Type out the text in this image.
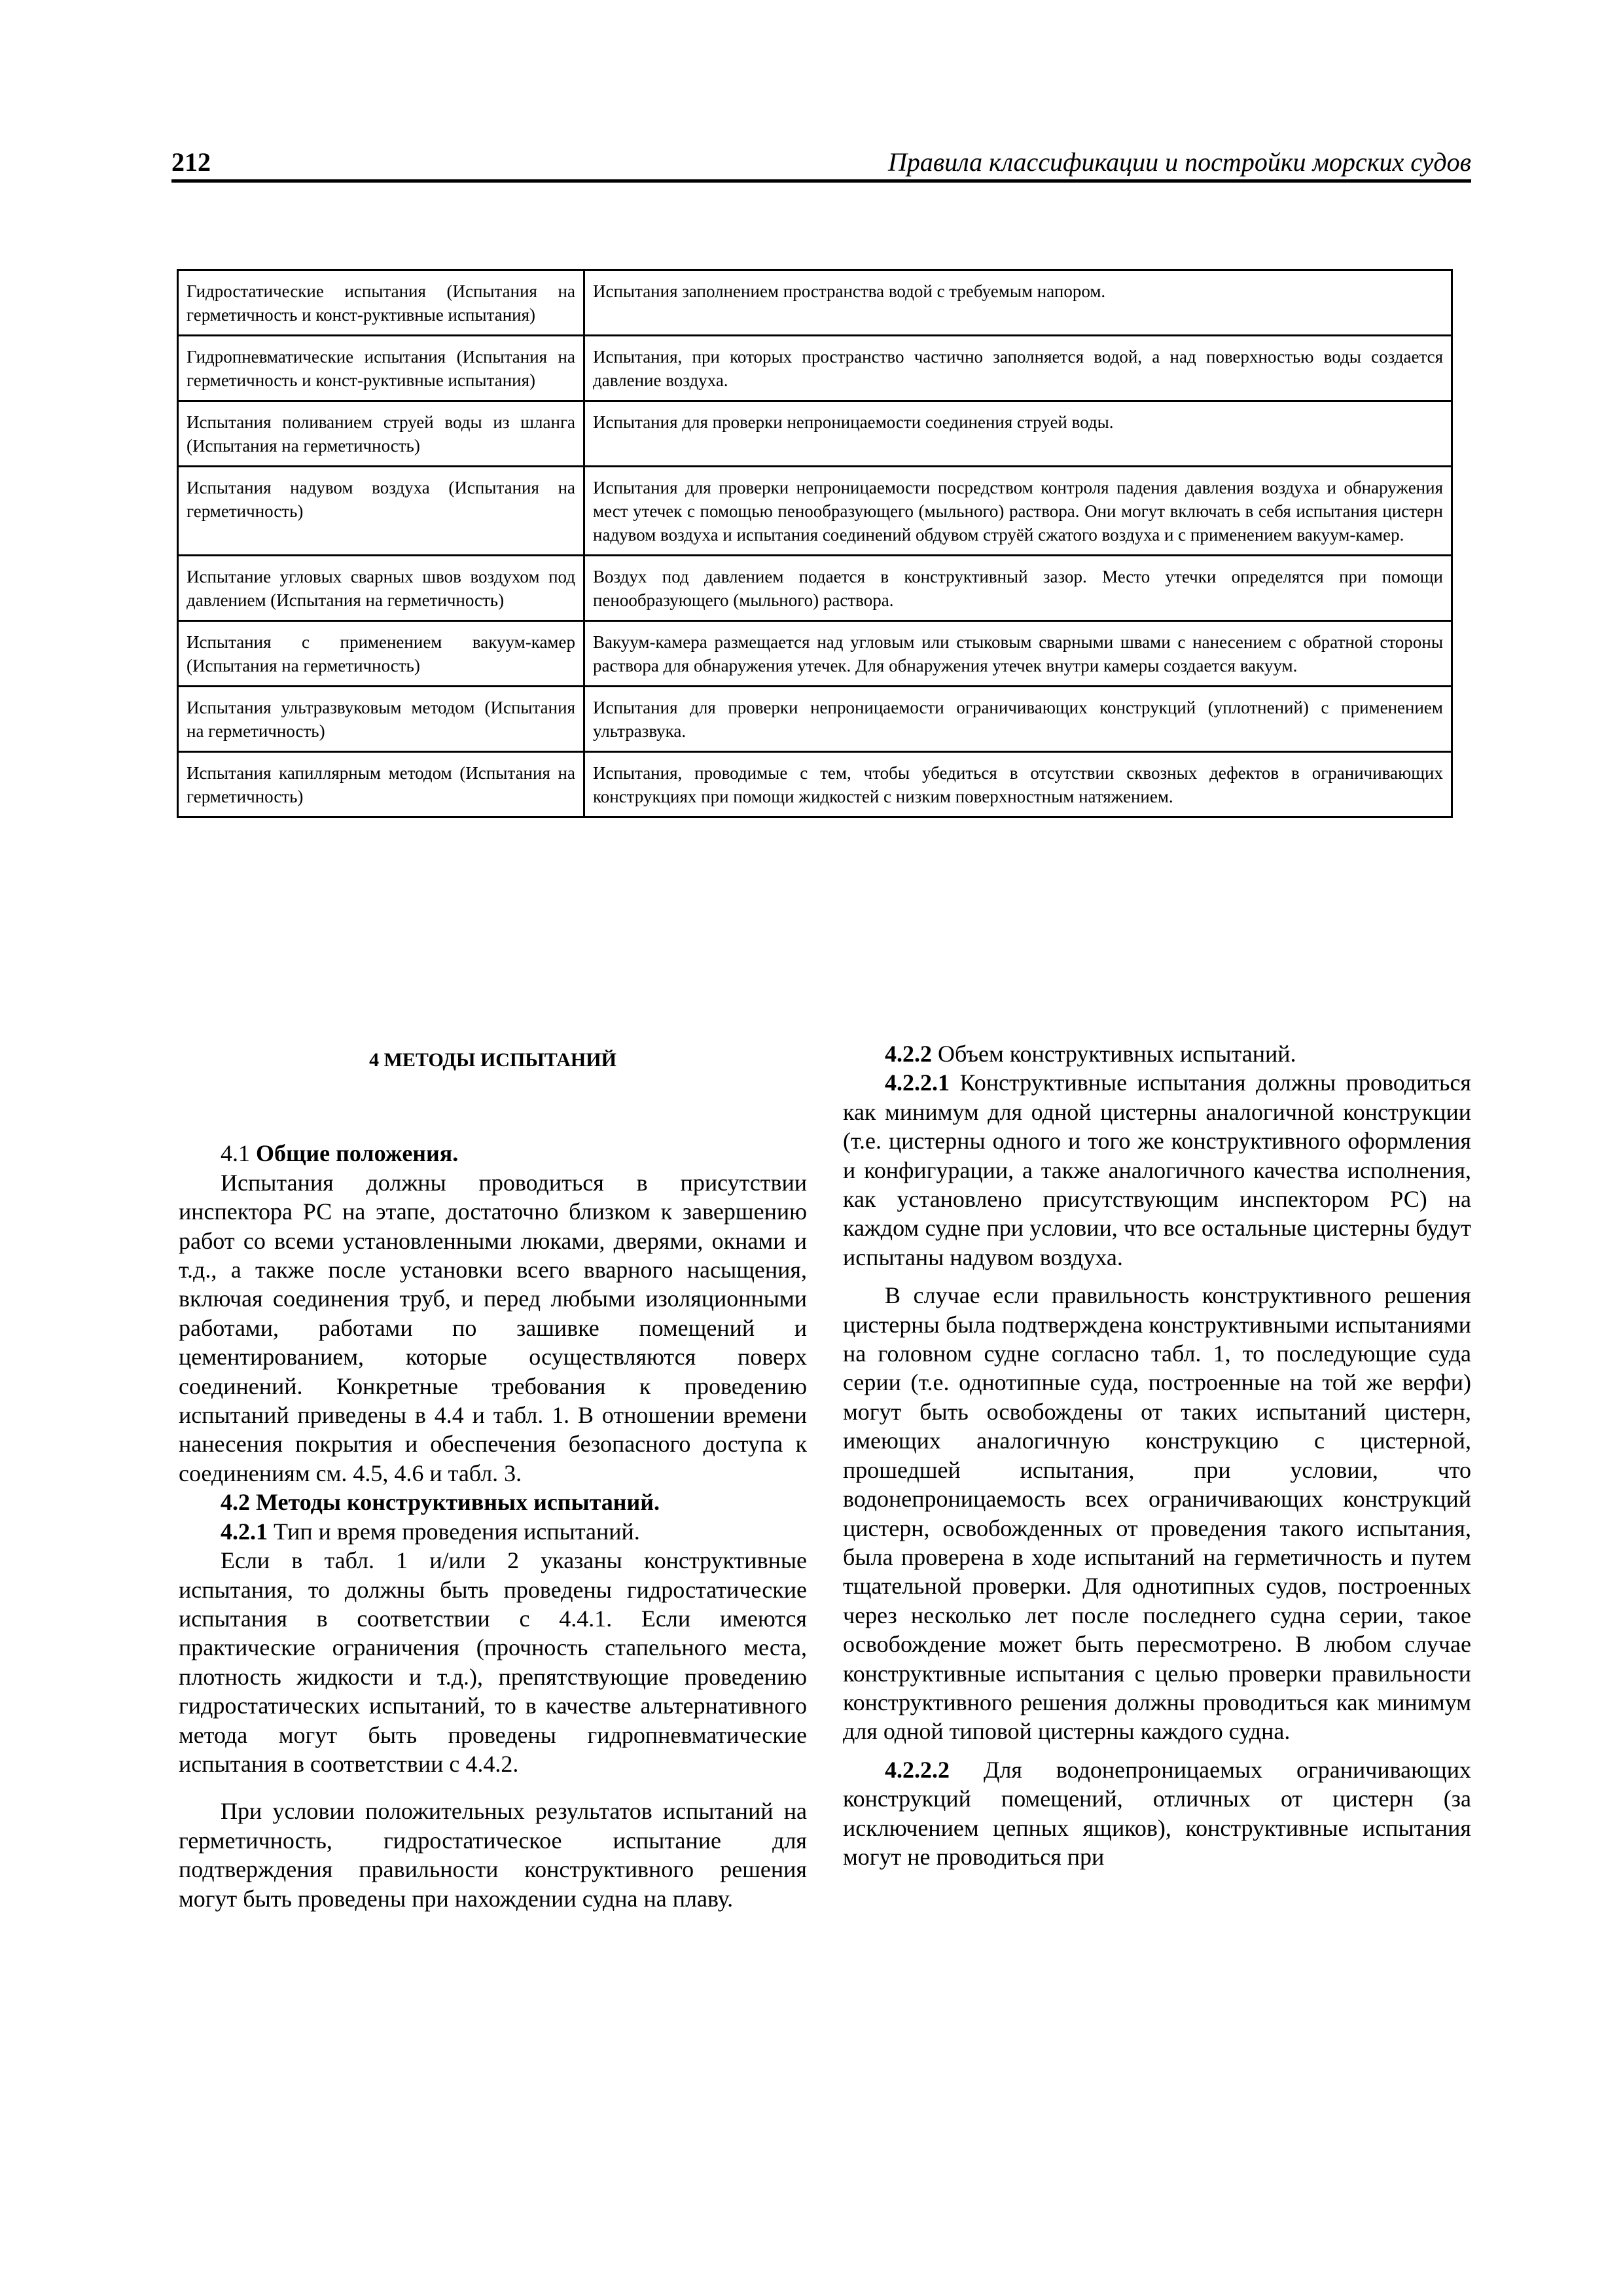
212	Правила классификации и постройки морских судов
Гидростатические испытания (Испытания на герметичность и конст-руктивные испытания)	Испытания заполнением пространства водой с требуемым напором.
Гидропневматические испытания (Испытания на герметичность и конст-руктивные испытания)	Испытания, при которых пространство частично заполняется водой, а над поверхностью воды создается давление воздуха.
Испытания поливанием струей воды из шланга (Испытания на герметичность)	Испытания для проверки непроницаемости соединения струей воды.
Испытания надувом воздуха (Испытания на герметичность)	Испытания для проверки непроницаемости посредством контроля падения давления воздуха и обнаружения мест утечек с помощью пенообразующего (мыльного) раствора. Они могут включать в себя испытания цистерн надувом воздуха и испытания соединений обдувом струёй сжатого воздуха и с применением вакуум-камер.
Испытание угловых сварных швов воздухом под давлением (Испытания на герметичность)	Воздух под давлением подается в конструктивный зазор. Место утечки определятся при помощи пенообразующего (мыльного) раствора.
Испытания с применением вакуум-камер (Испытания на герметичность)	Вакуум-камера размещается над угловым или стыковым сварными швами с нанесением с обратной стороны раствора для обнаружения утечек. Для обнаружения утечек внутри камеры создается вакуум.
Испытания ультразвуковым методом (Испытания на герметичность)	Испытания для проверки непроницаемости ограничивающих конструкций (уплотнений) с применением ультразвука.
Испытания капиллярным методом (Испытания на герметичность)	Испытания, проводимые с тем, чтобы убедиться в отсутствии сквозных дефектов в ограничивающих конструкциях при помощи жидкостей с низким поверхностным натяжением.

4 МЕТОДЫ ИСПЫТАНИЙ

4.1 Общие положения.

Испытания должны проводиться в присутствии инспектора РС на этапе, достаточно близком к завершению работ со всеми установленными люками, дверями, окнами и т.д., а также после установки всего вварного насыщения, включая соединения труб, и перед любыми изоляционными работами, работами по зашивке помещений и цементированием, которые осуществляются поверх соединений. Конкретные требования к проведению испытаний приведены в 4.4 и табл. 1. В отношении времени нанесения покрытия и обеспечения безопасного доступа к соединениям см. 4.5, 4.6 и табл. 3.

4.2 Методы конструктивных испытаний.

4.2.1 Тип и время проведения испытаний.

Если в табл. 1 и/или 2 указаны конструктивные испытания, то должны быть проведены гидростатические испытания в соответствии с 4.4.1. Если имеются практические ограничения (прочность стапельного места, плотность жидкости и т.д.), препятствующие проведению гидростатических испытаний, то в качестве альтернативного метода могут быть проведены гидропневматические испытания в соответствии с 4.4.2.

При условии положительных результатов испытаний на герметичность, гидростатическое испытание для подтверждения правильности конструктивного решения могут быть проведены при нахождении судна на плаву.

4.2.2 Объем конструктивных испытаний.

4.2.2.1 Конструктивные испытания должны проводиться как минимум для одной цистерны аналогичной конструкции (т.е. цистерны одного и того же конструктивного оформления и конфигурации, а также аналогичного качества исполнения, как установлено присутствующим инспектором РС) на каждом судне при условии, что все остальные цистерны будут испытаны надувом воздуха.

В случае если правильность конструктивного решения цистерны была подтверждена конструктивными испытаниями на головном судне согласно табл. 1, то последующие суда серии (т.е. однотипные суда, построенные на той же верфи) могут быть освобождены от таких испытаний цистерн, имеющих аналогичную конструкцию с цистерной, прошедшей испытания, при условии, что водонепроницаемость всех ограничивающих конструкций цистерн, освобожденных от проведения такого испытания, была проверена в ходе испытаний на герметичность и путем тщательной проверки. Для однотипных судов, построенных через несколько лет после последнего судна серии, такое освобождение может быть пересмотрено. В любом случае конструктивные испытания с целью проверки правильности конструктивного решения должны проводиться как минимум для одной типовой цистерны каждого судна.

4.2.2.2 Для водонепроницаемых ограничивающих конструкций помещений, отличных от цистерн (за исключением цепных ящиков), конструктивные испытания могут не проводиться при
